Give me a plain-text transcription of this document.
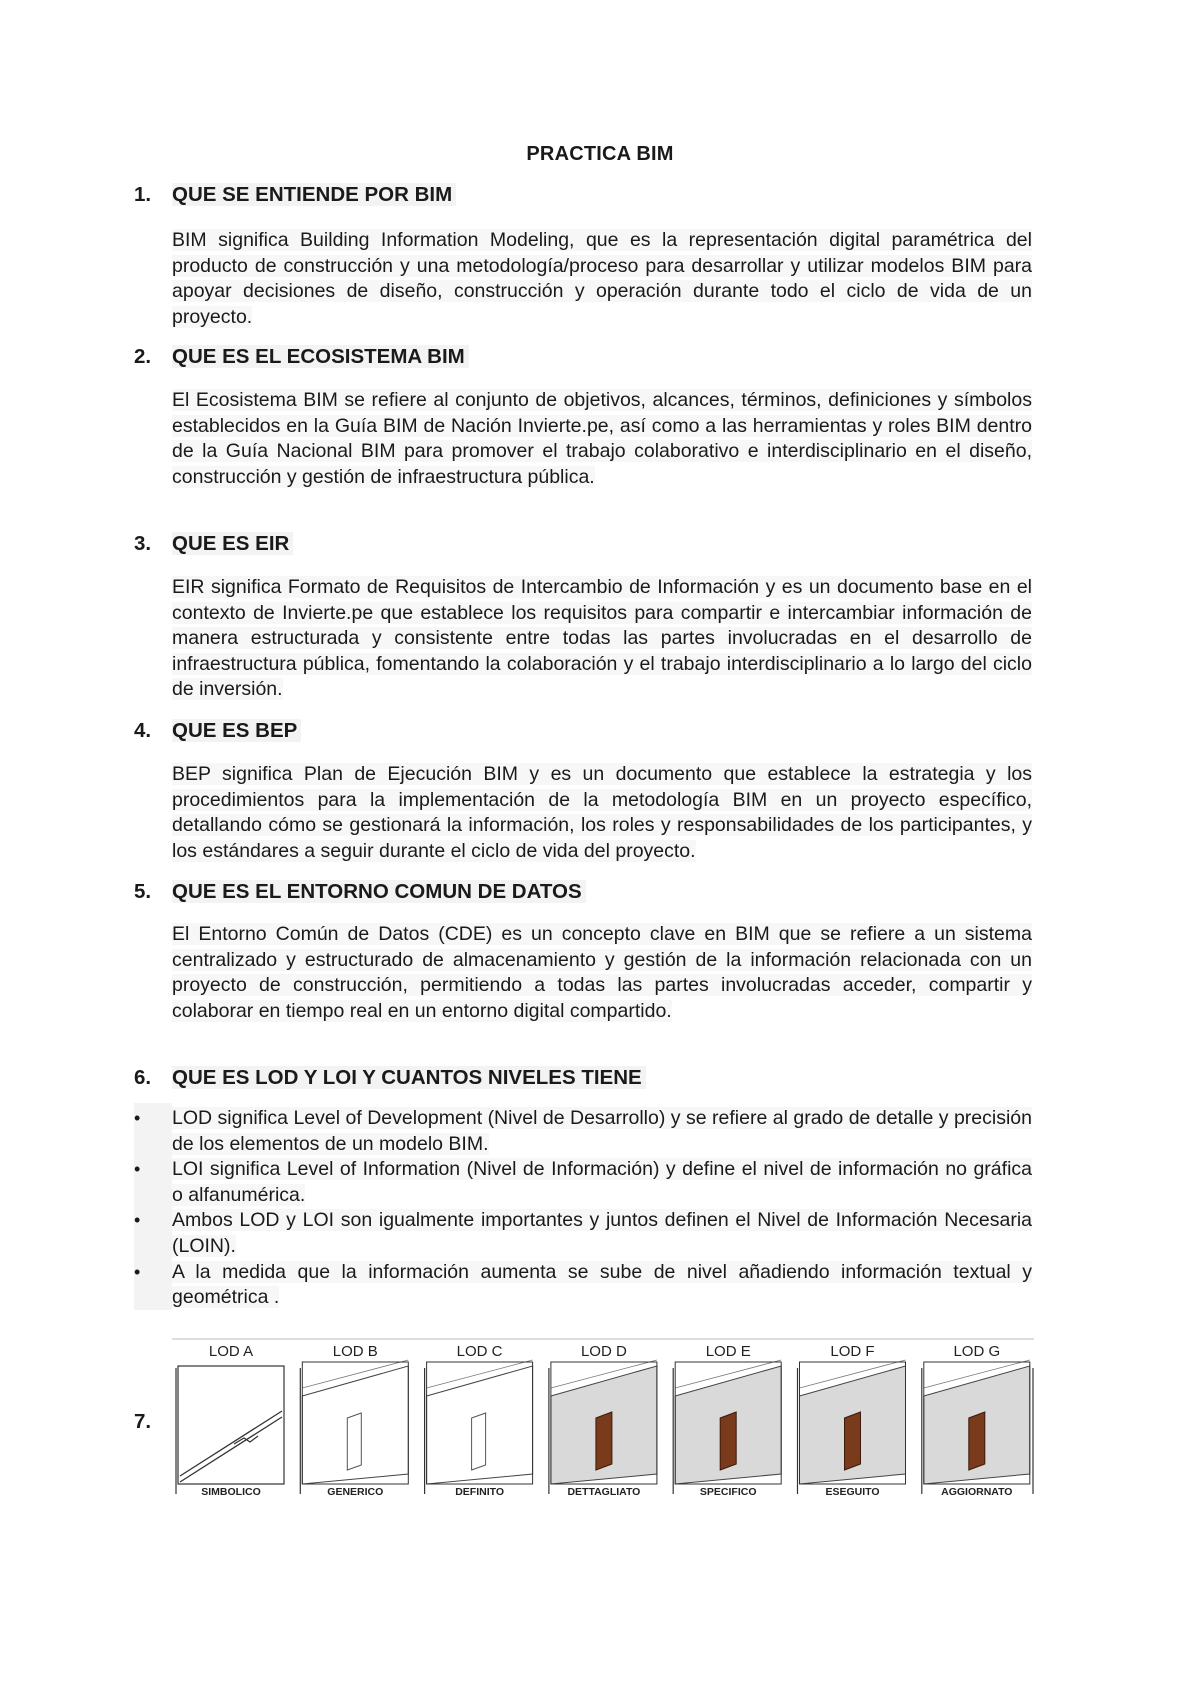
PRACTICA BIM
1. QUE SE ENTIENDE POR BIM
BIM significa Building Information Modeling, que es la representación digital paramétrica del producto de construcción y una metodología/proceso para desarrollar y utilizar modelos BIM para apoyar decisiones de diseño, construcción y operación durante todo el ciclo de vida de un proyecto.
2. QUE ES EL ECOSISTEMA BIM
El Ecosistema BIM se refiere al conjunto de objetivos, alcances, términos, definiciones y símbolos establecidos en la Guía BIM de Nación Invierte.pe, así como a las herramientas y roles BIM dentro de la Guía Nacional BIM para promover el trabajo colaborativo e interdisciplinario en el diseño, construcción y gestión de infraestructura pública.
3. QUE ES EIR
EIR significa Formato de Requisitos de Intercambio de Información y es un documento base en el contexto de Invierte.pe que establece los requisitos para compartir e intercambiar información de manera estructurada y consistente entre todas las partes involucradas en el desarrollo de infraestructura pública, fomentando la colaboración y el trabajo interdisciplinario a lo largo del ciclo de inversión.
4. QUE ES BEP
BEP significa Plan de Ejecución BIM y es un documento que establece la estrategia y los procedimientos para la implementación de la metodología BIM en un proyecto específico, detallando cómo se gestionará la información, los roles y responsabilidades de los participantes, y los estándares a seguir durante el ciclo de vida del proyecto.
5. QUE ES EL ENTORNO COMUN DE DATOS
El Entorno Común de Datos (CDE) es un concepto clave en BIM que se refiere a un sistema centralizado y estructurado de almacenamiento y gestión de la información relacionada con un proyecto de construcción, permitiendo a todas las partes involucradas acceder, compartir y colaborar en tiempo real en un entorno digital compartido.
6. QUE ES LOD Y LOI Y CUANTOS NIVELES TIENE

• LOD significa Level of Development (Nivel de Desarrollo) y se refiere al grado de detalle y precisión de los elementos de un modelo BIM.

• LOI significa Level of Information (Nivel de Información) y define el nivel de información no gráfica o alfanumérica.

• Ambos LOD y LOI son igualmente importantes y juntos definen el Nivel de Información Necesaria (LOIN).

• A la medida que la información aumenta se sube de nivel añadiendo información textual y geométrica .

7.
LOD A
SIMBOLICO
LOD B
GENERICO
LOD C
DEFINITO
LOD D
DETTAGLIATO
LOD E
SPECIFICO
LOD F
ESEGUITO
LOD G
AGGIORNATO
